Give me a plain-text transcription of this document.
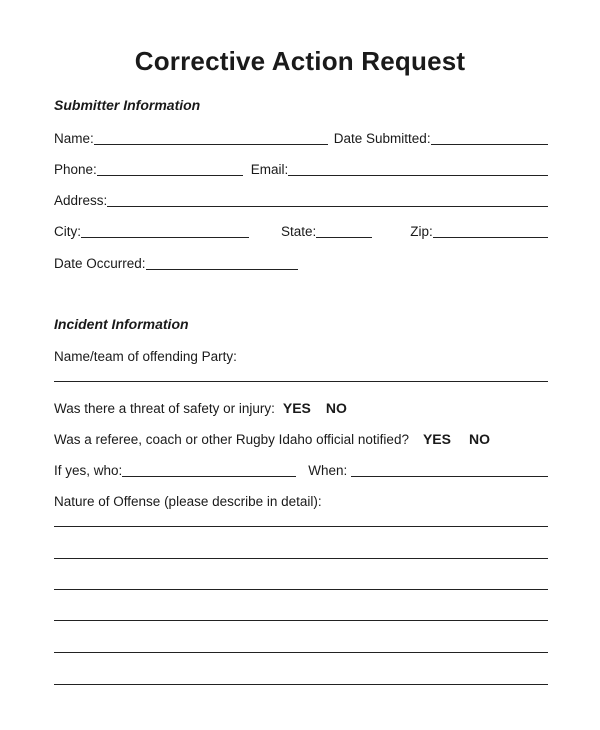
Corrective Action Request
Submitter Information
Name:	Date Submitted:
Phone:	Email:
Address:
City:	State:	Zip:
Date Occurred:
Incident Information
Name/team of offending Party:
Was there a threat of safety or injury: YES NO
Was a referee, coach or other Rugby Idaho official notified? YES NO
If yes, who:	When:
Nature of Offense (please describe in detail):
